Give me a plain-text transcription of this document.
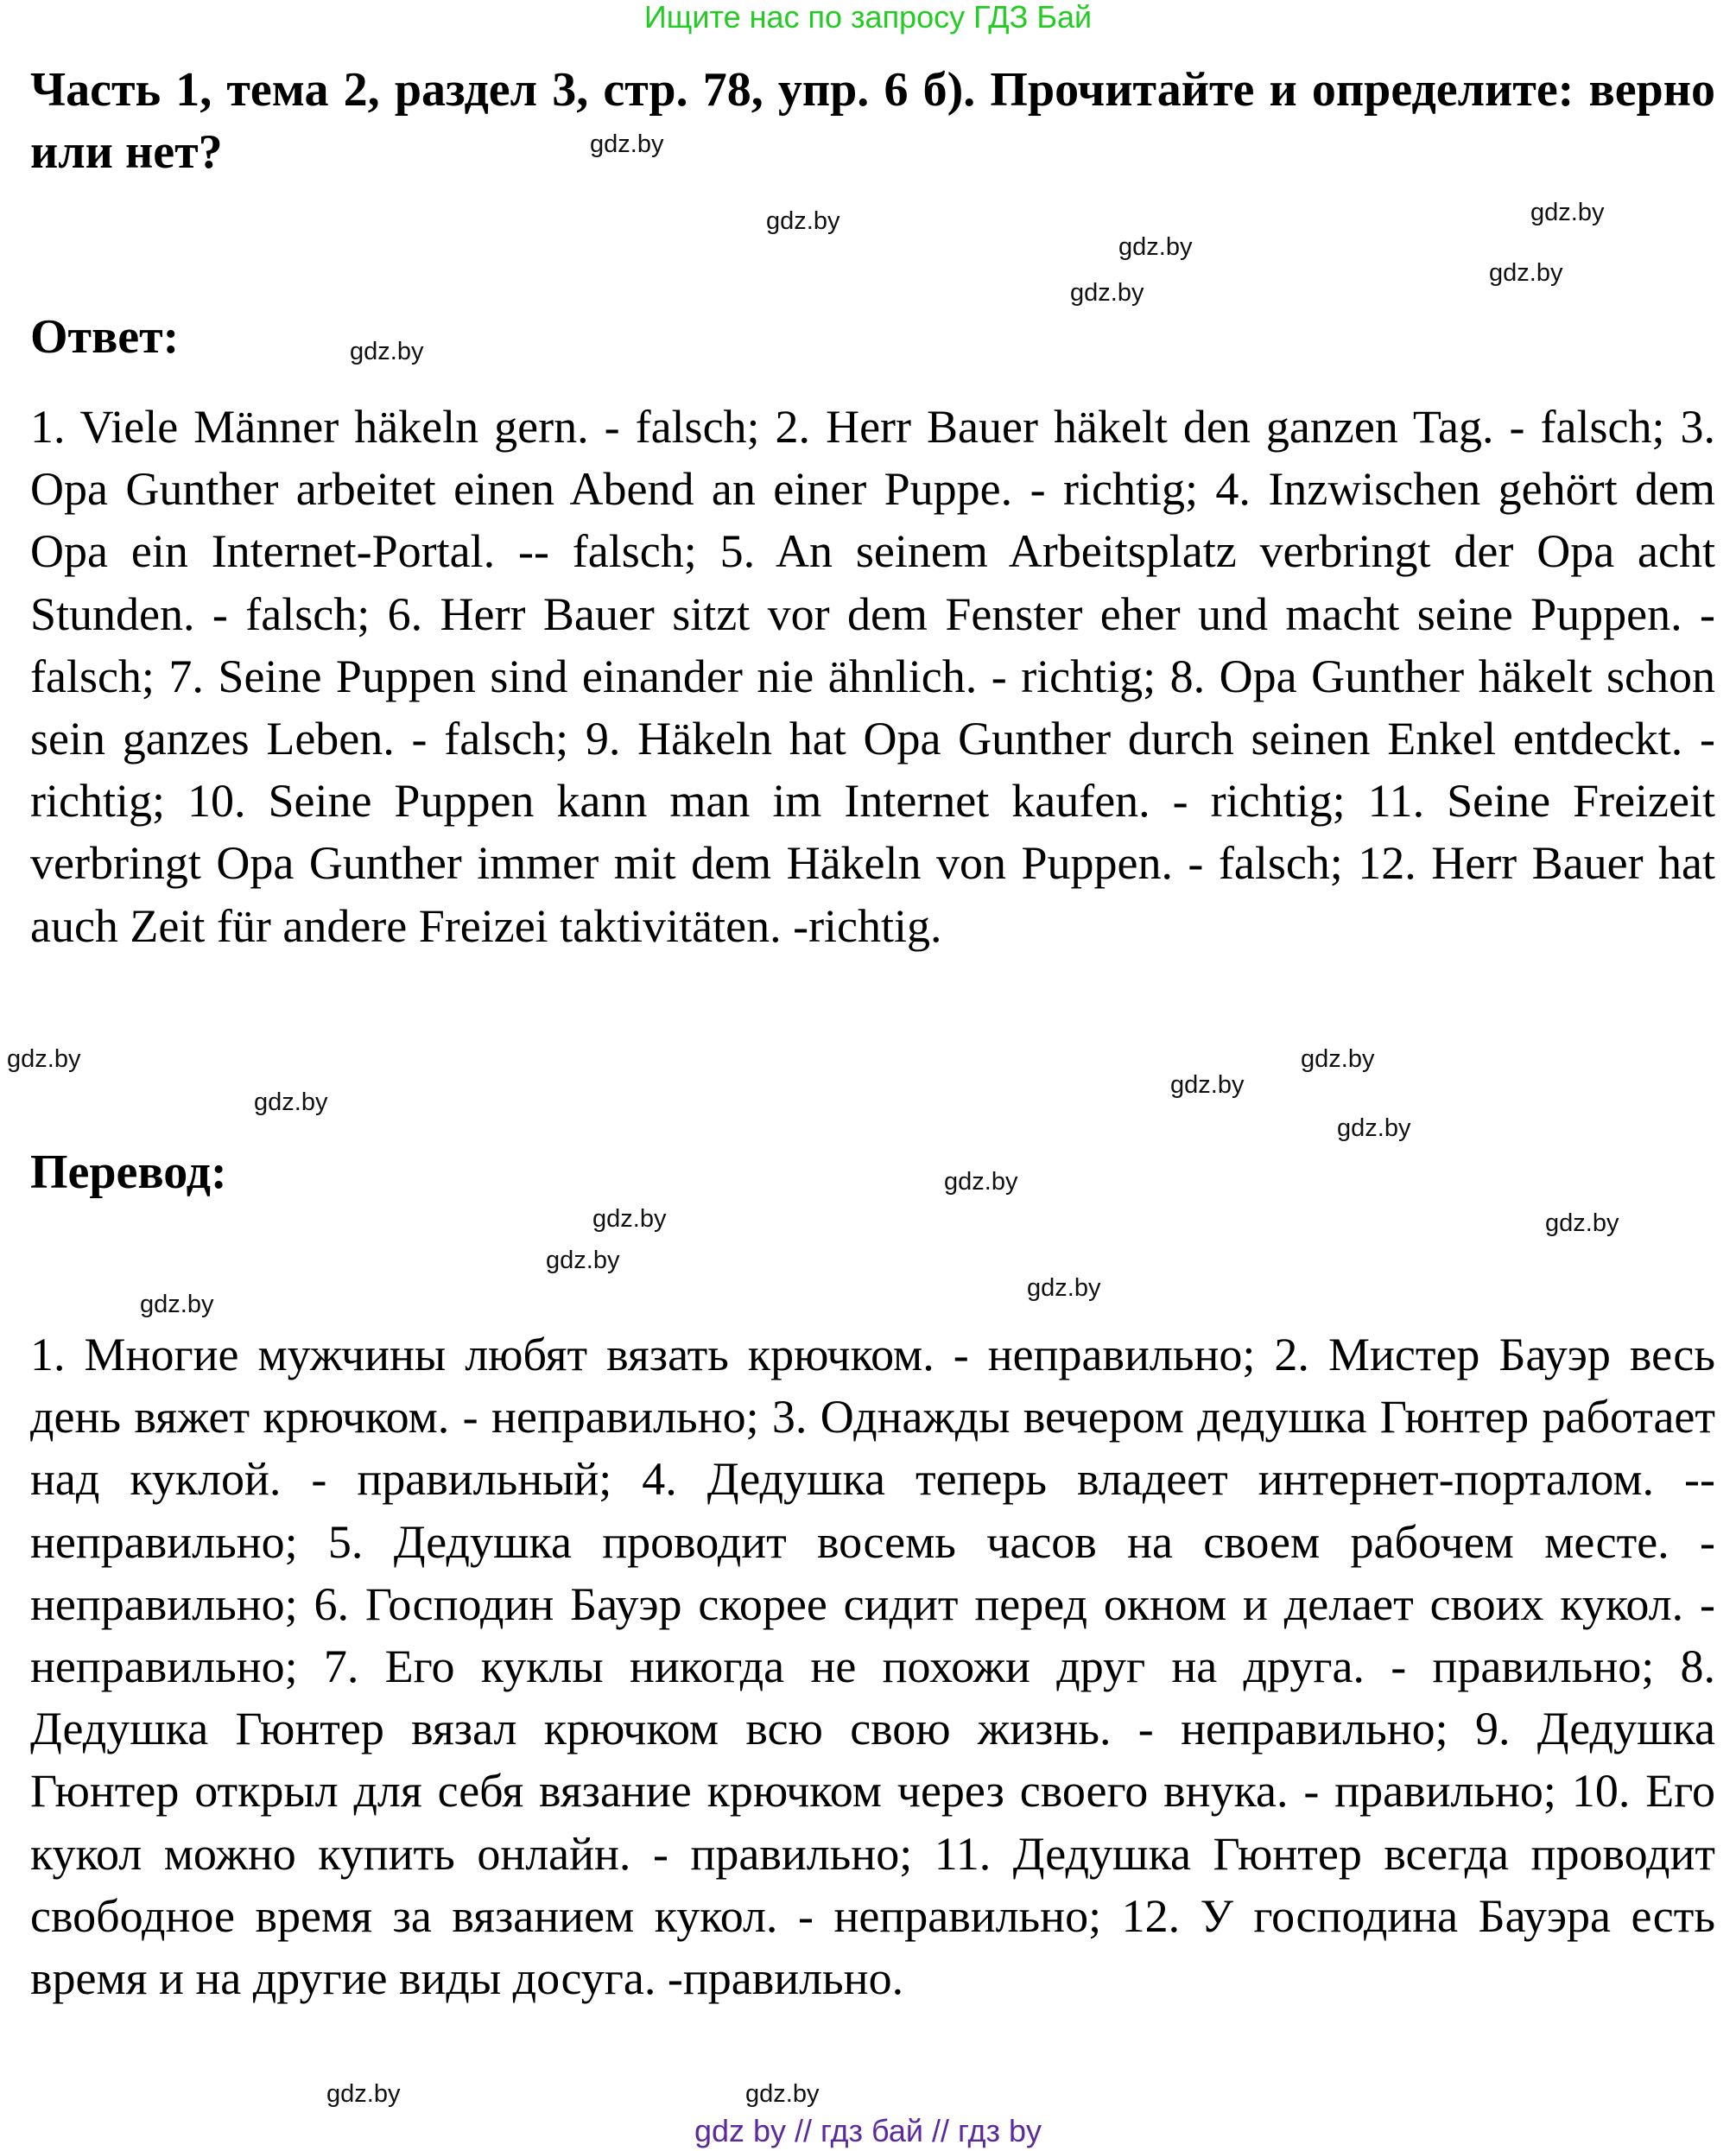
Ищите нас по запросу ГДЗ Бай
Часть 1, тема 2, раздел 3, стр. 78, упр. 6 б). Прочитайте и определите: верно или нет?
Ответ:
1. Viele Männer häkeln gern. - falsch; 2. Herr Bauer häkelt den ganzen Tag. - falsch; 3. Opa Gunther arbeitet einen Abend an einer Puppe. - richtig; 4. Inzwischen gehört dem Opa ein Internet-Portal. -- falsch; 5. An seinem Arbeitsplatz verbringt der Opa acht Stunden. - falsch; 6. Herr Bauer sitzt vor dem Fenster eher und macht seine Puppen. - falsch; 7. Seine Puppen sind einander nie ähnlich. - richtig; 8. Opa Gunther häkelt schon sein ganzes Leben. - falsch; 9. Häkeln hat Opa Gunther durch seinen Enkel entdeckt. - richtig; 10. Seine Puppen kann man im Internet kaufen. - richtig; 11. Seine Freizeit verbringt Opa Gunther immer mit dem Häkeln von Puppen. - falsch; 12. Herr Bauer hat auch Zeit für andere Freizei taktivitäten. -richtig.
Перевод:
1. Многие мужчины любят вязать крючком. - неправильно; 2. Мистер Бауэр весь день вяжет крючком. - неправильно; 3. Однажды вечером дедушка Гюнтер работает над куклой. - правильный; 4. Дедушка теперь владеет интернет-порталом. -- неправильно; 5. Дедушка проводит восемь часов на своем рабочем месте. - неправильно; 6. Господин Бауэр скорее сидит перед окном и делает своих кукол. - неправильно; 7. Его куклы никогда не похожи друг на друга. - правильно; 8. Дедушка Гюнтер вязал крючком всю свою жизнь. - неправильно; 9. Дедушка Гюнтер открыл для себя вязание крючком через своего внука. - правильно; 10. Его кукол можно купить онлайн. - правильно; 11. Дедушка Гюнтер всегда проводит свободное время за вязанием кукол. - неправильно; 12. У господина Бауэра есть время и на другие виды досуга. -правильно.
gdz.by
gdz.by
gdz.by
gdz.by
gdz.by
gdz.by
gdz.by
gdz.by	gdz.by
gdz.by
gdz.by
gdz.by
gdz.by
gdz.by	gdz.by
gdz.by
gdz.by
gdz.by
gdz.by	gdz.by
gdz by // гдз бай // гдз by
